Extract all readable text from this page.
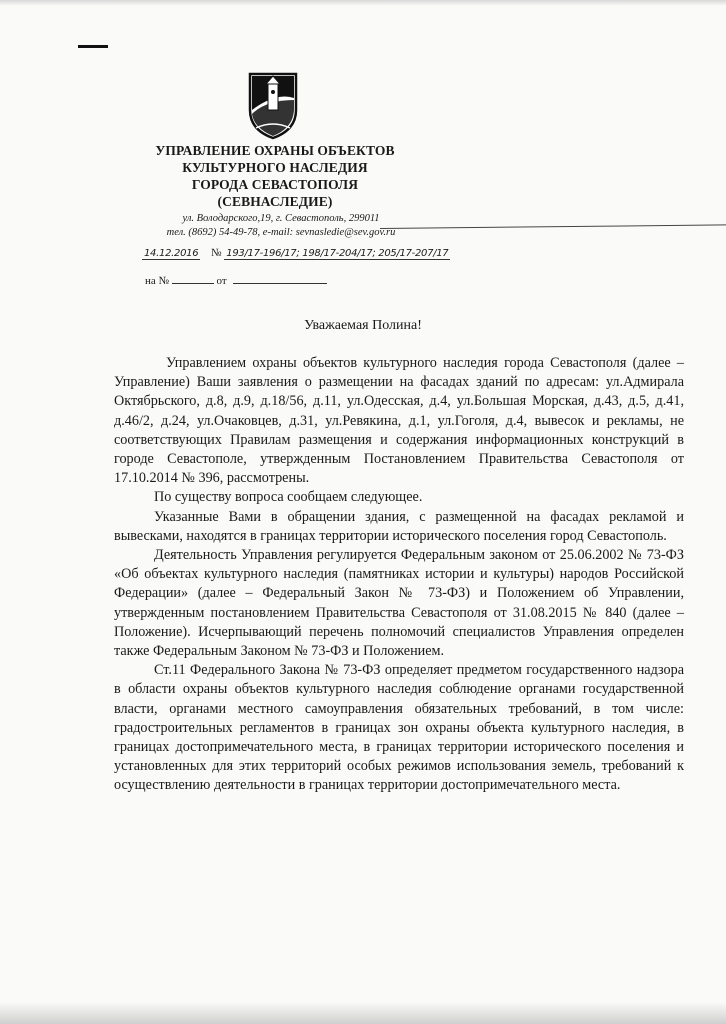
УПРАВЛЕНИЕ ОХРАНЫ ОБЪЕКТОВ
КУЛЬТУРНОГО НАСЛЕДИЯ
ГОРОДА СЕВАСТОПОЛЯ
(СЕВНАСЛЕДИЕ)
ул. Володарского,19, г. Севастополь, 299011
тел. (8692) 54-49-78, e-mail: sevnasledie@sev.gov.ru
14.12.2016 № 193/17-196/17; 198/17-204/17; 205/17-207/17
на №	от
Уважаемая Полина!

Управлением охраны объектов культурного наследия города Севастополя (далее – Управление) Ваши заявления о размещении на фасадах зданий по адресам: ул.Адмирала Октябрьского, д.8, д.9, д.18/56, д.11, ул.Одесская, д.4, ул.Большая Морская, д.43, д.5, д.41, д.46/2, д.24, ул.Очаковцев, д.31, ул.Ревякина, д.1, ул.Гоголя, д.4, вывесок и рекламы, не соответствующих Правилам размещения и содержания информационных конструкций в городе Севастополе, утвержденным Постановлением Правительства Севастополя от 17.10.2014 № 396, рассмотрены.

По существу вопроса сообщаем следующее.

Указанные Вами в обращении здания, с размещенной на фасадах рекламой и вывесками, находятся в границах территории исторического поселения город Севастополь.

Деятельность Управления регулируется Федеральным законом от 25.06.2002 № 73-ФЗ «Об объектах культурного наследия (памятниках истории и культуры) народов Российской Федерации» (далее – Федеральный Закон № 73-ФЗ) и Положением об Управлении, утвержденным постановлением Правительства Севастополя от 31.08.2015 № 840 (далее – Положение). Исчерпывающий перечень полномочий специалистов Управления определен также Федеральным Законом № 73-ФЗ и Положением.

Ст.11 Федерального Закона № 73-ФЗ определяет предметом государственного надзора в области охраны объектов культурного наследия соблюдение органами государственной власти, органами местного самоуправления обязательных требований, в том числе: градостроительных регламентов в границах зон охраны объекта культурного наследия, в границах достопримечательного места, в границах территории исторического поселения и установленных для этих территорий особых режимов использования земель, требований к осуществлению деятельности в границах территории достопримечательного места.
